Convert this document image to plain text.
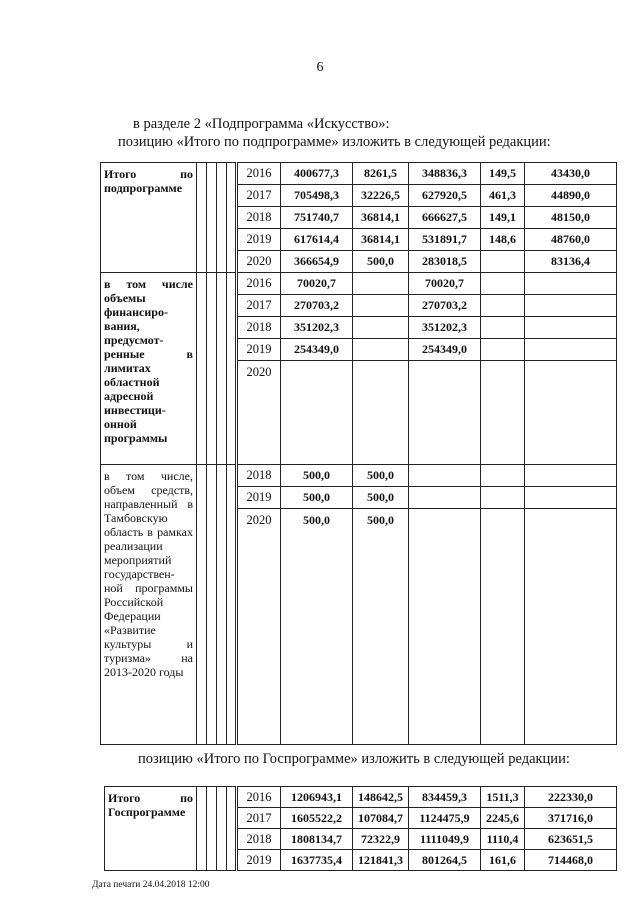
6
в разделе 2 «Подпрограмма «Искусство»:
позицию «Итого по подпрограмме» изложить в следующей редакции:
Итого по подпрограмме					2016	400677,3	8261,5	348836,3	149,5	43430,0
					2017	705498,3	32226,5	627920,5	461,3	44890,0
					2018	751740,7	36814,1	666627,5	149,1	48150,0
					2019	617614,4	36814,1	531891,7	148,6	48760,0
					2020	366654,9	500,0	283018,5		83136,4
в том числе объемы финансиро-вания, предусмот-ренные в лимитах областной адресной инвестици-онной программы					2016	70020,7		70020,7		
					2017	270703,2		270703,2		
					2018	351202,3		351202,3		
					2019	254349,0		254349,0		
					2020					
в том числе, объем средств, направленный в Тамбовскую область в рамках реализации мероприятий государствен-ной программы Российской Федерации «Развитие культуры и туризма» на 2013-2020 годы					2018	500,0	500,0			
					2019	500,0	500,0			
					2020	500,0	500,0			
позицию «Итого по Госпрограмме» изложить в следующей редакции:
Итого по Госпрограмме					2016	1206943,1	148642,5	834459,3	1511,3	222330,0
					2017	1605522,2	107084,7	1124475,9	2245,6	371716,0
					2018	1808134,7	72322,9	1111049,9	1110,4	623651,5
					2019	1637735,4	121841,3	801264,5	161,6	714468,0
Дата печати 24.04.2018 12:00
